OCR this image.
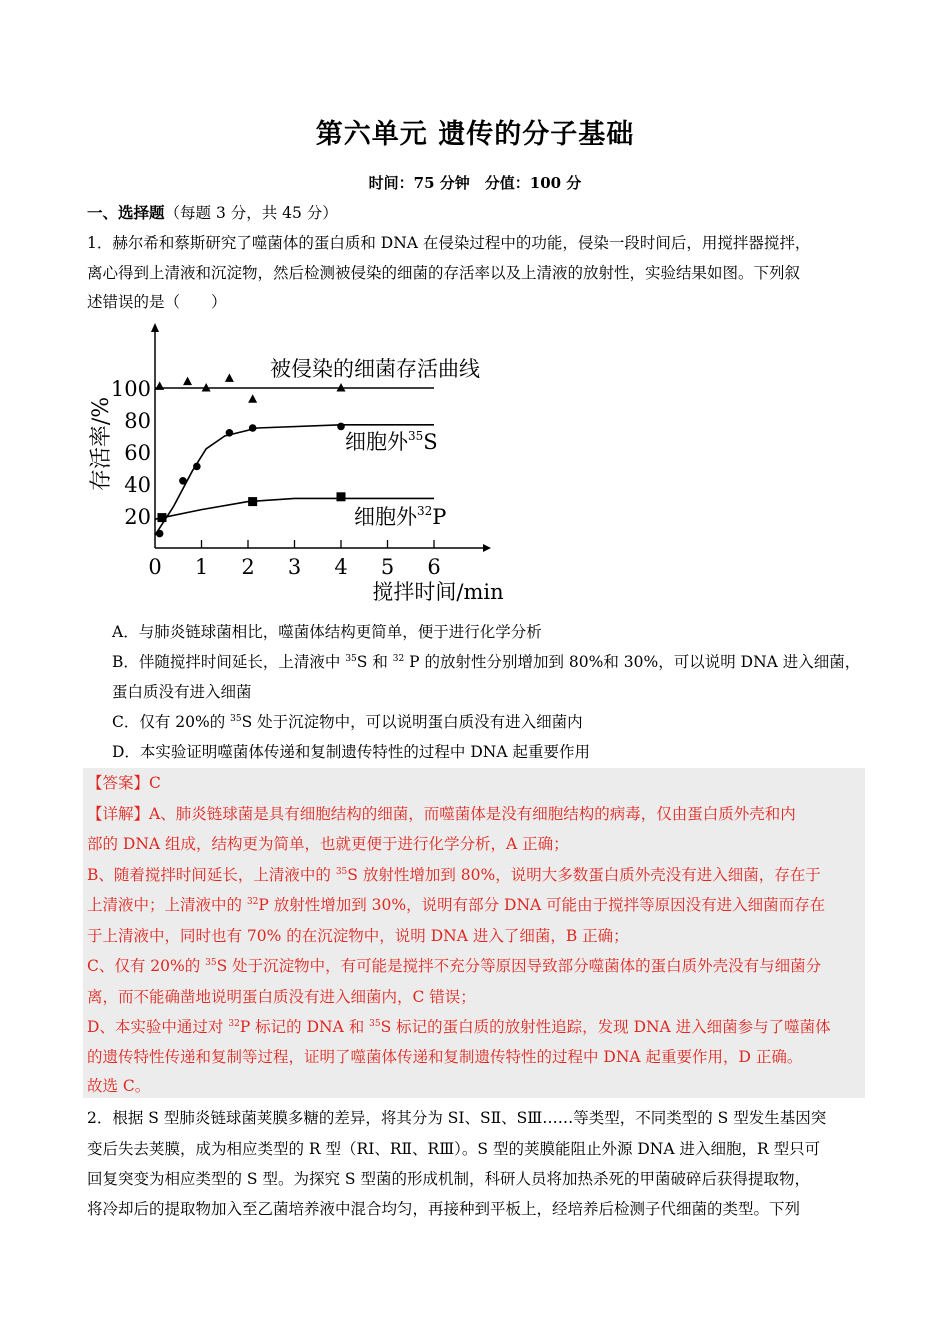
第六单元 遗传的分子基础
时间：75 分钟　分值：100 分
一、选择题（每题 3 分，共 45 分）
1．赫尔希和蔡斯研究了噬菌体的蛋白质和 DNA 在侵染过程中的功能，侵染一段时间后，用搅拌器搅拌，
离心得到上清液和沉淀物，然后检测被侵染的细菌的存活率以及上清液的放射性，实验结果如图。下列叙
述错误的是（　　）
0 1 2 3 4 5 6
20
40
60
80
100
搅拌时间/min
存活率/%
被侵染的细菌存活曲线
细胞外$^{35}$S
细胞外$^{32}$P
A．与肺炎链球菌相比，噬菌体结构更简单，便于进行化学分析
B．伴随搅拌时间延长，上清液中 $^{35}$S 和 $^{32}$ P 的放射性分别增加到 80%和 30%，可以说明 DNA 进入细菌，
蛋白质没有进入细菌
C．仅有 20%的 $^{35}$S 处于沉淀物中，可以说明蛋白质没有进入细菌内
D．本实验证明噬菌体传递和复制遗传特性的过程中 DNA 起重要作用
【答案】C
【详解】A、肺炎链球菌是具有细胞结构的细菌，而噬菌体是没有细胞结构的病毒，仅由蛋白质外壳和内
部的 DNA 组成，结构更为简单，也就更便于进行化学分析，A 正确；
B、随着搅拌时间延长，上清液中的 $^{35}$S 放射性增加到 80%，说明大多数蛋白质外壳没有进入细菌，存在于
上清液中；上清液中的 $^{32}$P 放射性增加到 30%，说明有部分 DNA 可能由于搅拌等原因没有进入细菌而存在
于上清液中，同时也有 70% 的在沉淀物中，说明 DNA 进入了细菌，B 正确；
C、仅有 20%的 $^{35}$S 处于沉淀物中，有可能是搅拌不充分等原因导致部分噬菌体的蛋白质外壳没有与细菌分
离，而不能确凿地说明蛋白质没有进入细菌内，C 错误；
D、本实验中通过对 $^{32}$P 标记的 DNA 和 $^{35}$S 标记的蛋白质的放射性追踪，发现 DNA 进入细菌参与了噬菌体
的遗传特性传递和复制等过程，证明了噬菌体传递和复制遗传特性的过程中 DNA 起重要作用，D 正确。
故选 C。
2．根据 S 型肺炎链球菌荚膜多糖的差异，将其分为 SⅠ、SⅡ、SⅢ……等类型，不同类型的 S 型发生基因突
变后失去荚膜，成为相应类型的 R 型（RⅠ、RⅡ、RⅢ）。S 型的荚膜能阻止外源 DNA 进入细胞，R 型只可
回复突变为相应类型的 S 型。为探究 S 型菌的形成机制，科研人员将加热杀死的甲菌破碎后获得提取物，
将冷却后的提取物加入至乙菌培养液中混合均匀，再接种到平板上，经培养后检测子代细菌的类型。下列
